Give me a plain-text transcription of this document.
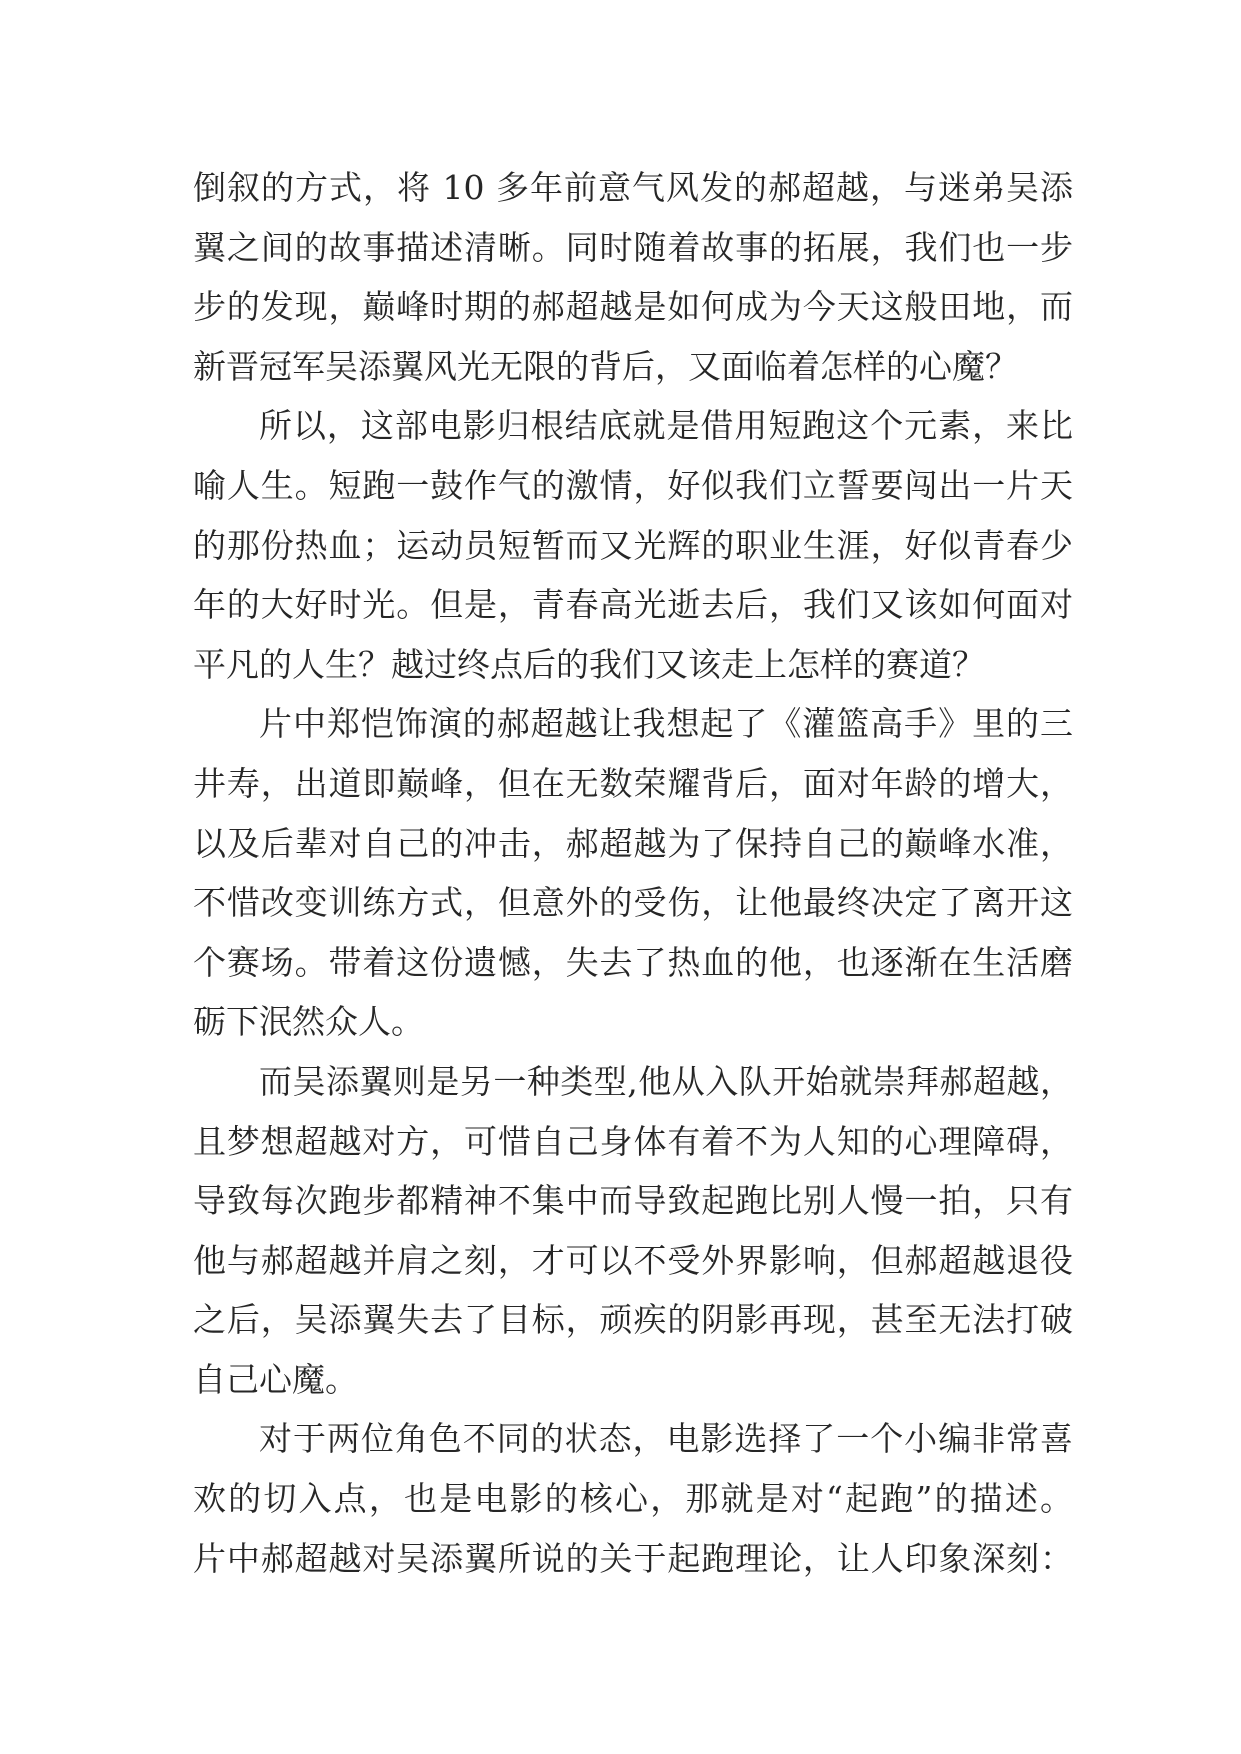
倒叙的方式，将 10 多年前意气风发的郝超越，与迷弟吴添
翼之间的故事描述清晰。同时随着故事的拓展，我们也一步
步的发现，巅峰时期的郝超越是如何成为今天这般田地，而
新晋冠军吴添翼风光无限的背后，又面临着怎样的心魔？
所以，这部电影归根结底就是借用短跑这个元素，来比
喻人生。短跑一鼓作气的激情，好似我们立誓要闯出一片天
的那份热血；运动员短暂而又光辉的职业生涯，好似青春少
年的大好时光。但是，青春高光逝去后，我们又该如何面对
平凡的人生？越过终点后的我们又该走上怎样的赛道？
片中郑恺饰演的郝超越让我想起了《灌篮高手》里的三
井寿，出道即巅峰，但在无数荣耀背后，面对年龄的增大，
以及后辈对自己的冲击，郝超越为了保持自己的巅峰水准，
不惜改变训练方式，但意外的受伤，让他最终决定了离开这
个赛场。带着这份遗憾，失去了热血的他，也逐渐在生活磨
砺下泯然众人。
而吴添翼则是另一种类型,他从入队开始就崇拜郝超越，
且梦想超越对方，可惜自己身体有着不为人知的心理障碍，
导致每次跑步都精神不集中而导致起跑比别人慢一拍，只有
他与郝超越并肩之刻，才可以不受外界影响，但郝超越退役
之后，吴添翼失去了目标，顽疾的阴影再现，甚至无法打破
自己心魔。
对于两位角色不同的状态，电影选择了一个小编非常喜
欢的切入点，也是电影的核心，那就是对“起跑”的描述。
片中郝超越对吴添翼所说的关于起跑理论，让人印象深刻：
